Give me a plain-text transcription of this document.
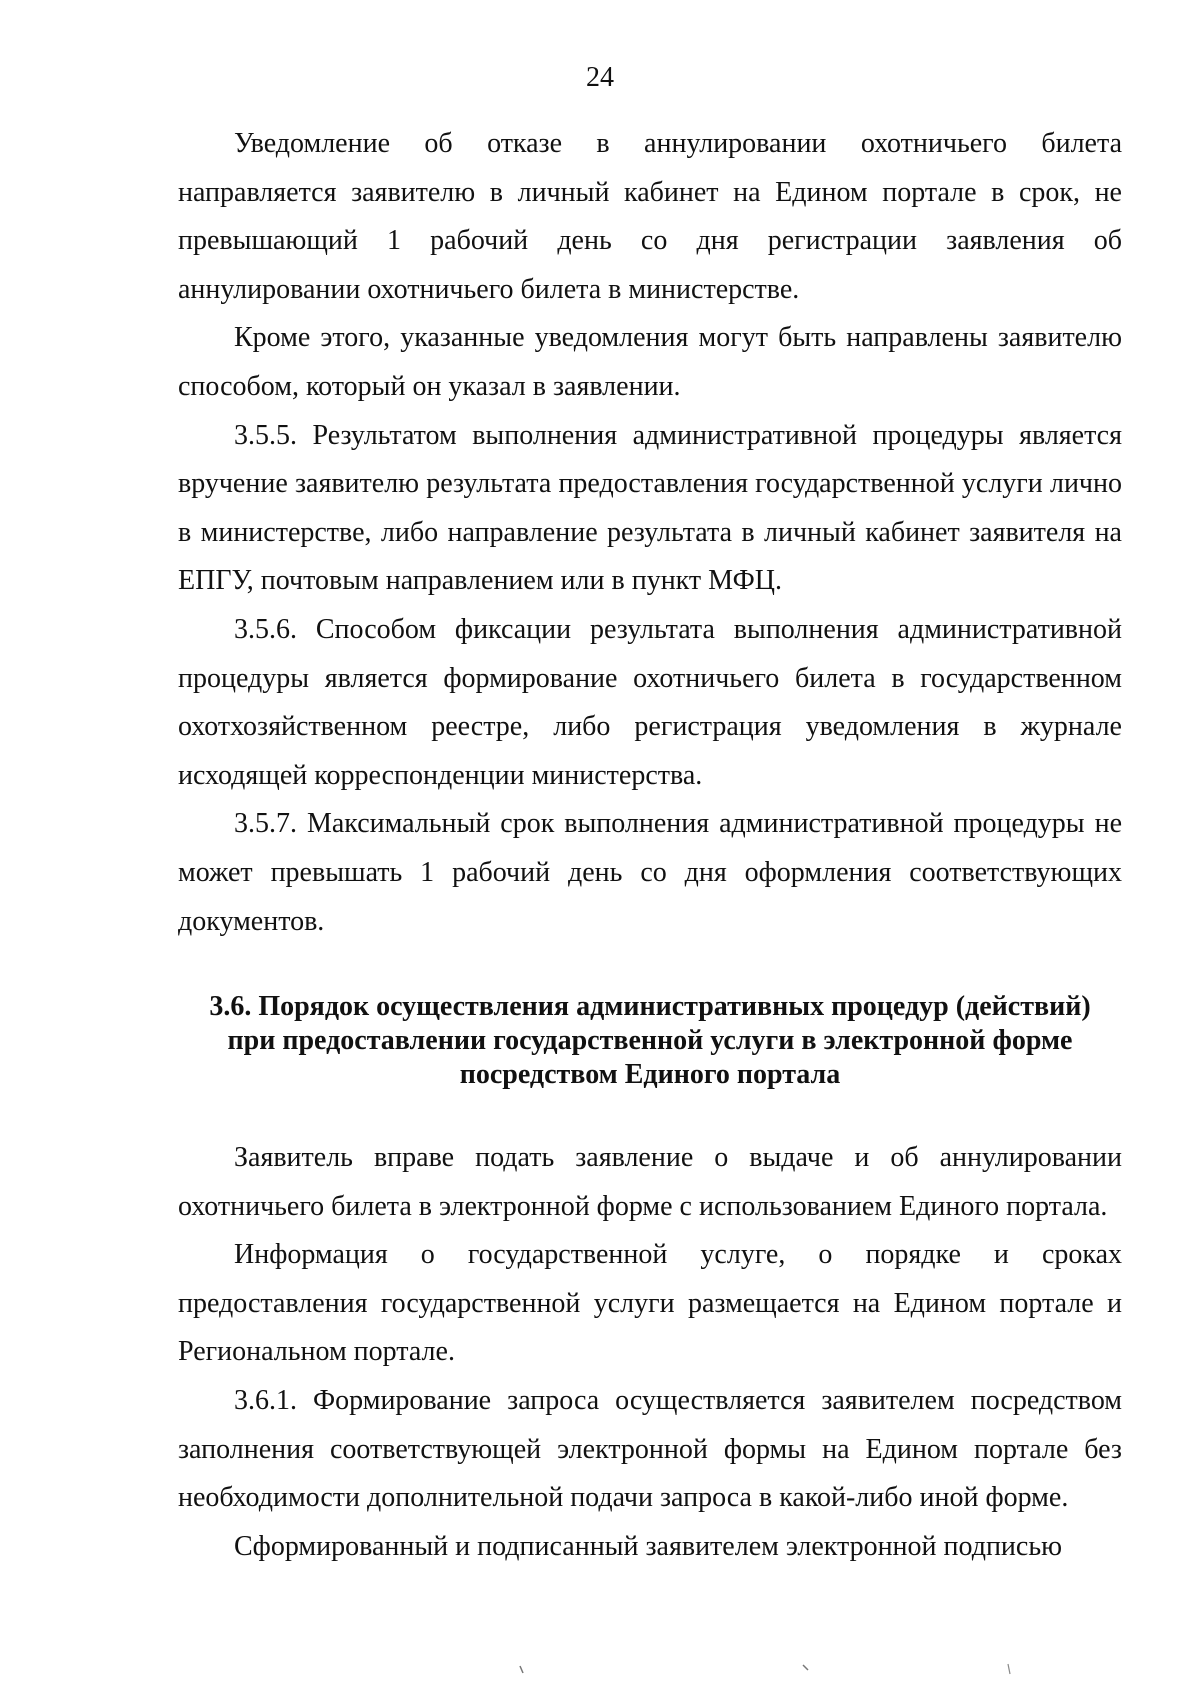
24

Уведомление об отказе в аннулировании охотничьего билета направляется заявителю в личный кабинет на Едином портале в срок, не превышающий 1 рабочий день со дня регистрации заявления об аннулировании охотничьего билета в министерстве.

Кроме этого, указанные уведомления могут быть направлены заявителю способом, который он указал в заявлении.

3.5.5. Результатом выполнения административной процедуры является вручение заявителю результата предоставления государственной услуги лично в министерстве, либо направление результата в личный кабинет заявителя на ЕПГУ, почтовым направлением или в пункт МФЦ.

3.5.6. Способом фиксации результата выполнения административной процедуры является формирование охотничьего билета в государственном охотхозяйственном реестре, либо регистрация уведомления в журнале исходящей корреспонденции министерства.

3.5.7. Максимальный срок выполнения административной процедуры не может превышать 1 рабочий день со дня оформления соответствующих документов.

3.6. Порядок осуществления административных процедур (действий)
при предоставлении государственной услуги в электронной форме
посредством Единого портала

Заявитель вправе подать заявление о выдаче и об аннулировании охотничьего билета в электронной форме с использованием Единого портала.

Информация о государственной услуге, о порядке и сроках предоставления государственной услуги размещается на Едином портале и Региональном портале.

3.6.1. Формирование запроса осуществляется заявителем посредством заполнения соответствующей электронной формы на Едином портале без необходимости дополнительной подачи запроса в какой-либо иной форме.

Сформированный и подписанный заявителем электронной подписью
